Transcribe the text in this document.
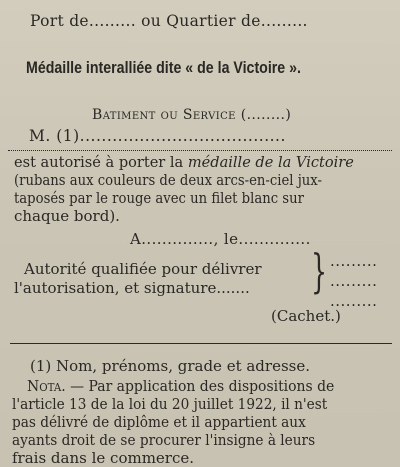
Port de......... ou Quartier de.........
Médaille interalliée dite « de la Victoire ».
Batiment ou Service (........)
M. (1)......................................
est autorisé à porter la médaille de la Victoire
(rubans aux couleurs de deux arcs-en-ciel jux-
taposés par le rouge avec un filet blanc sur
chaque bord).
A.............., le..............
Autorité qualifiée pour délivrer
l'autorisation, et signature....... } .........
.........
.........
(Cachet.)
(1) Nom, prénoms, grade et adresse.
Nota. — Par application des dispositions de
l'article 13 de la loi du 20 juillet 1922, il n'est
pas délivré de diplôme et il appartient aux
ayants droit de se procurer l'insigne à leurs
frais dans le commerce.
